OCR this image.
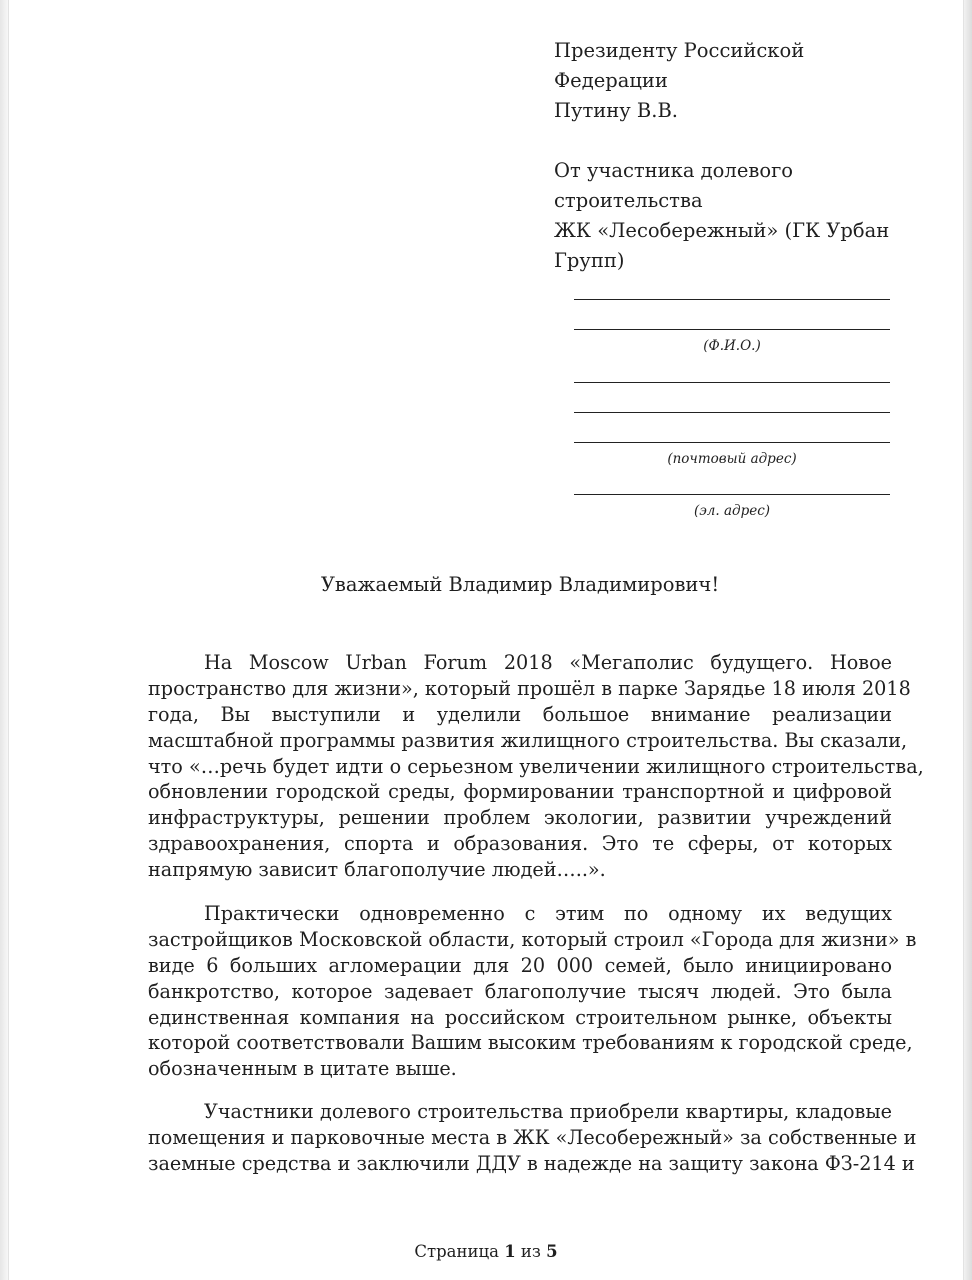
Президенту Российской
Федерации
Путину В.В.
От участника долевого
строительства
ЖК «Лесобережный» (ГК Урбан
Групп)
(Ф.И.О.)
(почтовый адрес)
(эл. адрес)
Уважаемый Владимир Владимирович!
На Moscow Urban Forum 2018 «Мегаполис будущего. Новое
пространство для жизни», который прошёл в парке Зарядье 18 июля 2018
года, Вы выступили и уделили большое внимание реализации
масштабной программы развития жилищного строительства. Вы сказали,
что «…речь будет идти о серьезном увеличении жилищного строительства,
обновлении городской среды, формировании транспортной и цифровой
инфраструктуры, решении проблем экологии, развитии учреждений
здравоохранения, спорта и образования. Это те сферы, от которых
напрямую зависит благополучие людей…..».
Практически одновременно с этим по одному их ведущих
застройщиков Московской области, который строил «Города для жизни» в
виде 6 больших агломерации для 20 000 семей, было инициировано
банкротство, которое задевает благополучие тысяч людей. Это была
единственная компания на российском строительном рынке, объекты
которой соответствовали Вашим высоким требованиям к городской среде,
обозначенным в цитате выше.
Участники долевого строительства приобрели квартиры, кладовые
помещения и парковочные места в ЖК «Лесобережный» за собственные и
заемные средства и заключили ДДУ в надежде на защиту закона ФЗ-214 и
Страница 1 из 5
